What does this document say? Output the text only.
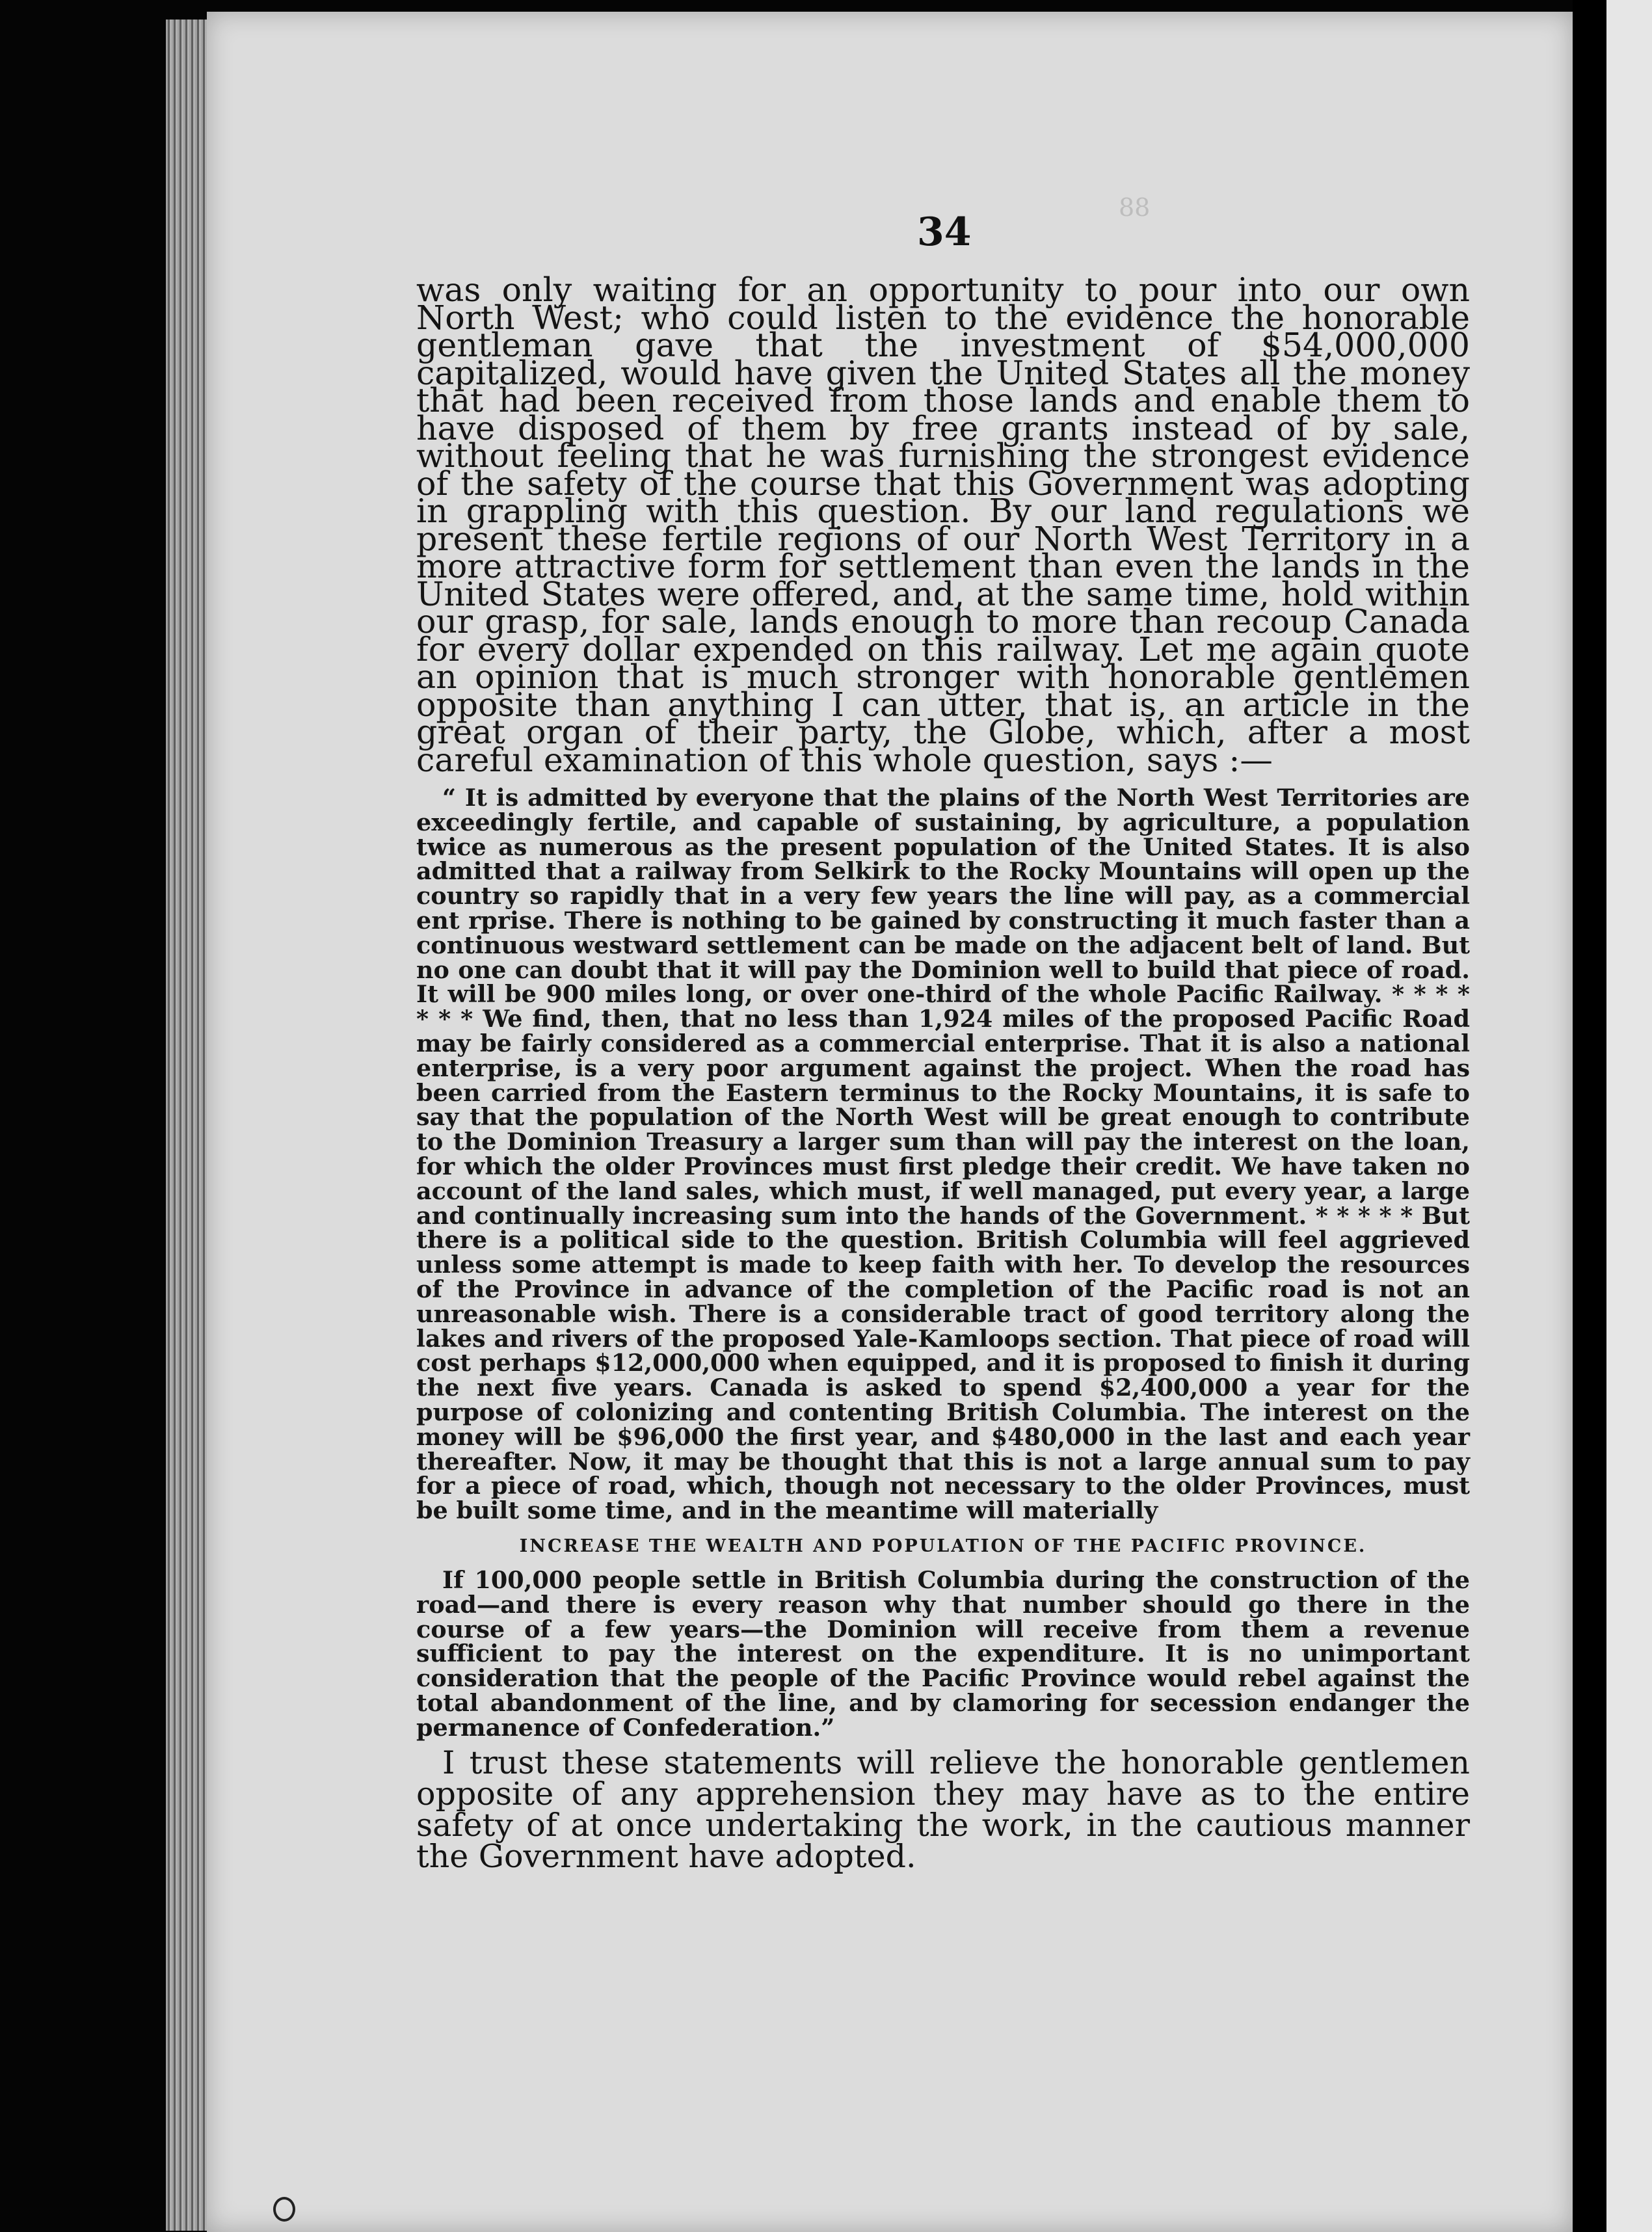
88
34

was only waiting for an opportunity to pour into our own North West; who could listen to the evidence the honorable gentleman gave that the investment of $54,000,000 capitalized, would have given the United States all the money that had been received from those lands and enable them to have disposed of them by free grants instead of by sale, without feeling that he was furnishing the strongest evidence of the safety of the course that this Government was adopting in grappling with this question. By our land regulations we present these fertile regions of our North West Territory in a more attractive form for settlement than even the lands in the United States were offered, and, at the same time, hold within our grasp, for sale, lands enough to more than recoup Canada for every dollar expended on this railway. Let me again quote an opinion that is much stronger with honorable gentlemen opposite than anything I can utter, that is, an article in the great organ of their party, the Globe, which, after a most careful examination of this whole question, says :—

“ It is admitted by everyone that the plains of the North West Territories are exceedingly fertile, and capable of sustaining, by agriculture, a population twice as numerous as the present population of the United States. It is also admitted that a railway from Selkirk to the Rocky Mountains will open up the country so rapidly that in a very few years the line will pay, as a commercial ent rprise. There is nothing to be gained by constructing it much faster than a continuous westward settlement can be made on the adjacent belt of land. But no one can doubt that it will pay the Dominion well to build that piece of road. It will be 900 miles long, or over one-third of the whole Pacific Railway. * * * * * * * We find, then, that no less than 1,924 miles of the proposed Pacific Road may be fairly considered as a commercial enterprise. That it is also a national enterprise, is a very poor argument against the project. When the road has been carried from the Eastern terminus to the Rocky Mountains, it is safe to say that the population of the North West will be great enough to contribute to the Dominion Treasury a larger sum than will pay the interest on the loan, for which the older Provinces must first pledge their credit. We have taken no account of the land sales, which must, if well managed, put every year, a large and continually increasing sum into the hands of the Government. * * * * * But there is a political side to the question. British Columbia will feel aggrieved unless some attempt is made to keep faith with her. To develop the resources of the Province in advance of the completion of the Pacific road is not an unreasonable wish. There is a considerable tract of good territory along the lakes and rivers of the proposed Yale-Kamloops section. That piece of road will cost perhaps $12,000,000 when equipped, and it is proposed to finish it during the next five years. Canada is asked to spend $2,400,000 a year for the purpose of colonizing and contenting British Columbia. The interest on the money will be $96,000 the first year, and $480,000 in the last and each year thereafter. Now, it may be thought that this is not a large annual sum to pay for a piece of road, which, though not necessary to the older Provinces, must be built some time, and in the meantime will materially

INCREASE THE WEALTH AND POPULATION OF THE PACIFIC PROVINCE.

If 100,000 people settle in British Columbia during the construction of the road—and there is every reason why that number should go there in the course of a few years—the Dominion will receive from them a revenue sufficient to pay the interest on the expenditure. It is no unimportant consideration that the people of the Pacific Province would rebel against the total abandonment of the line, and by clamoring for secession endanger the permanence of Confederation.”

I trust these statements will relieve the honorable gentlemen opposite of any apprehension they may have as to the entire safety of at once undertaking the work, in the cautious manner the Government have adopted.
